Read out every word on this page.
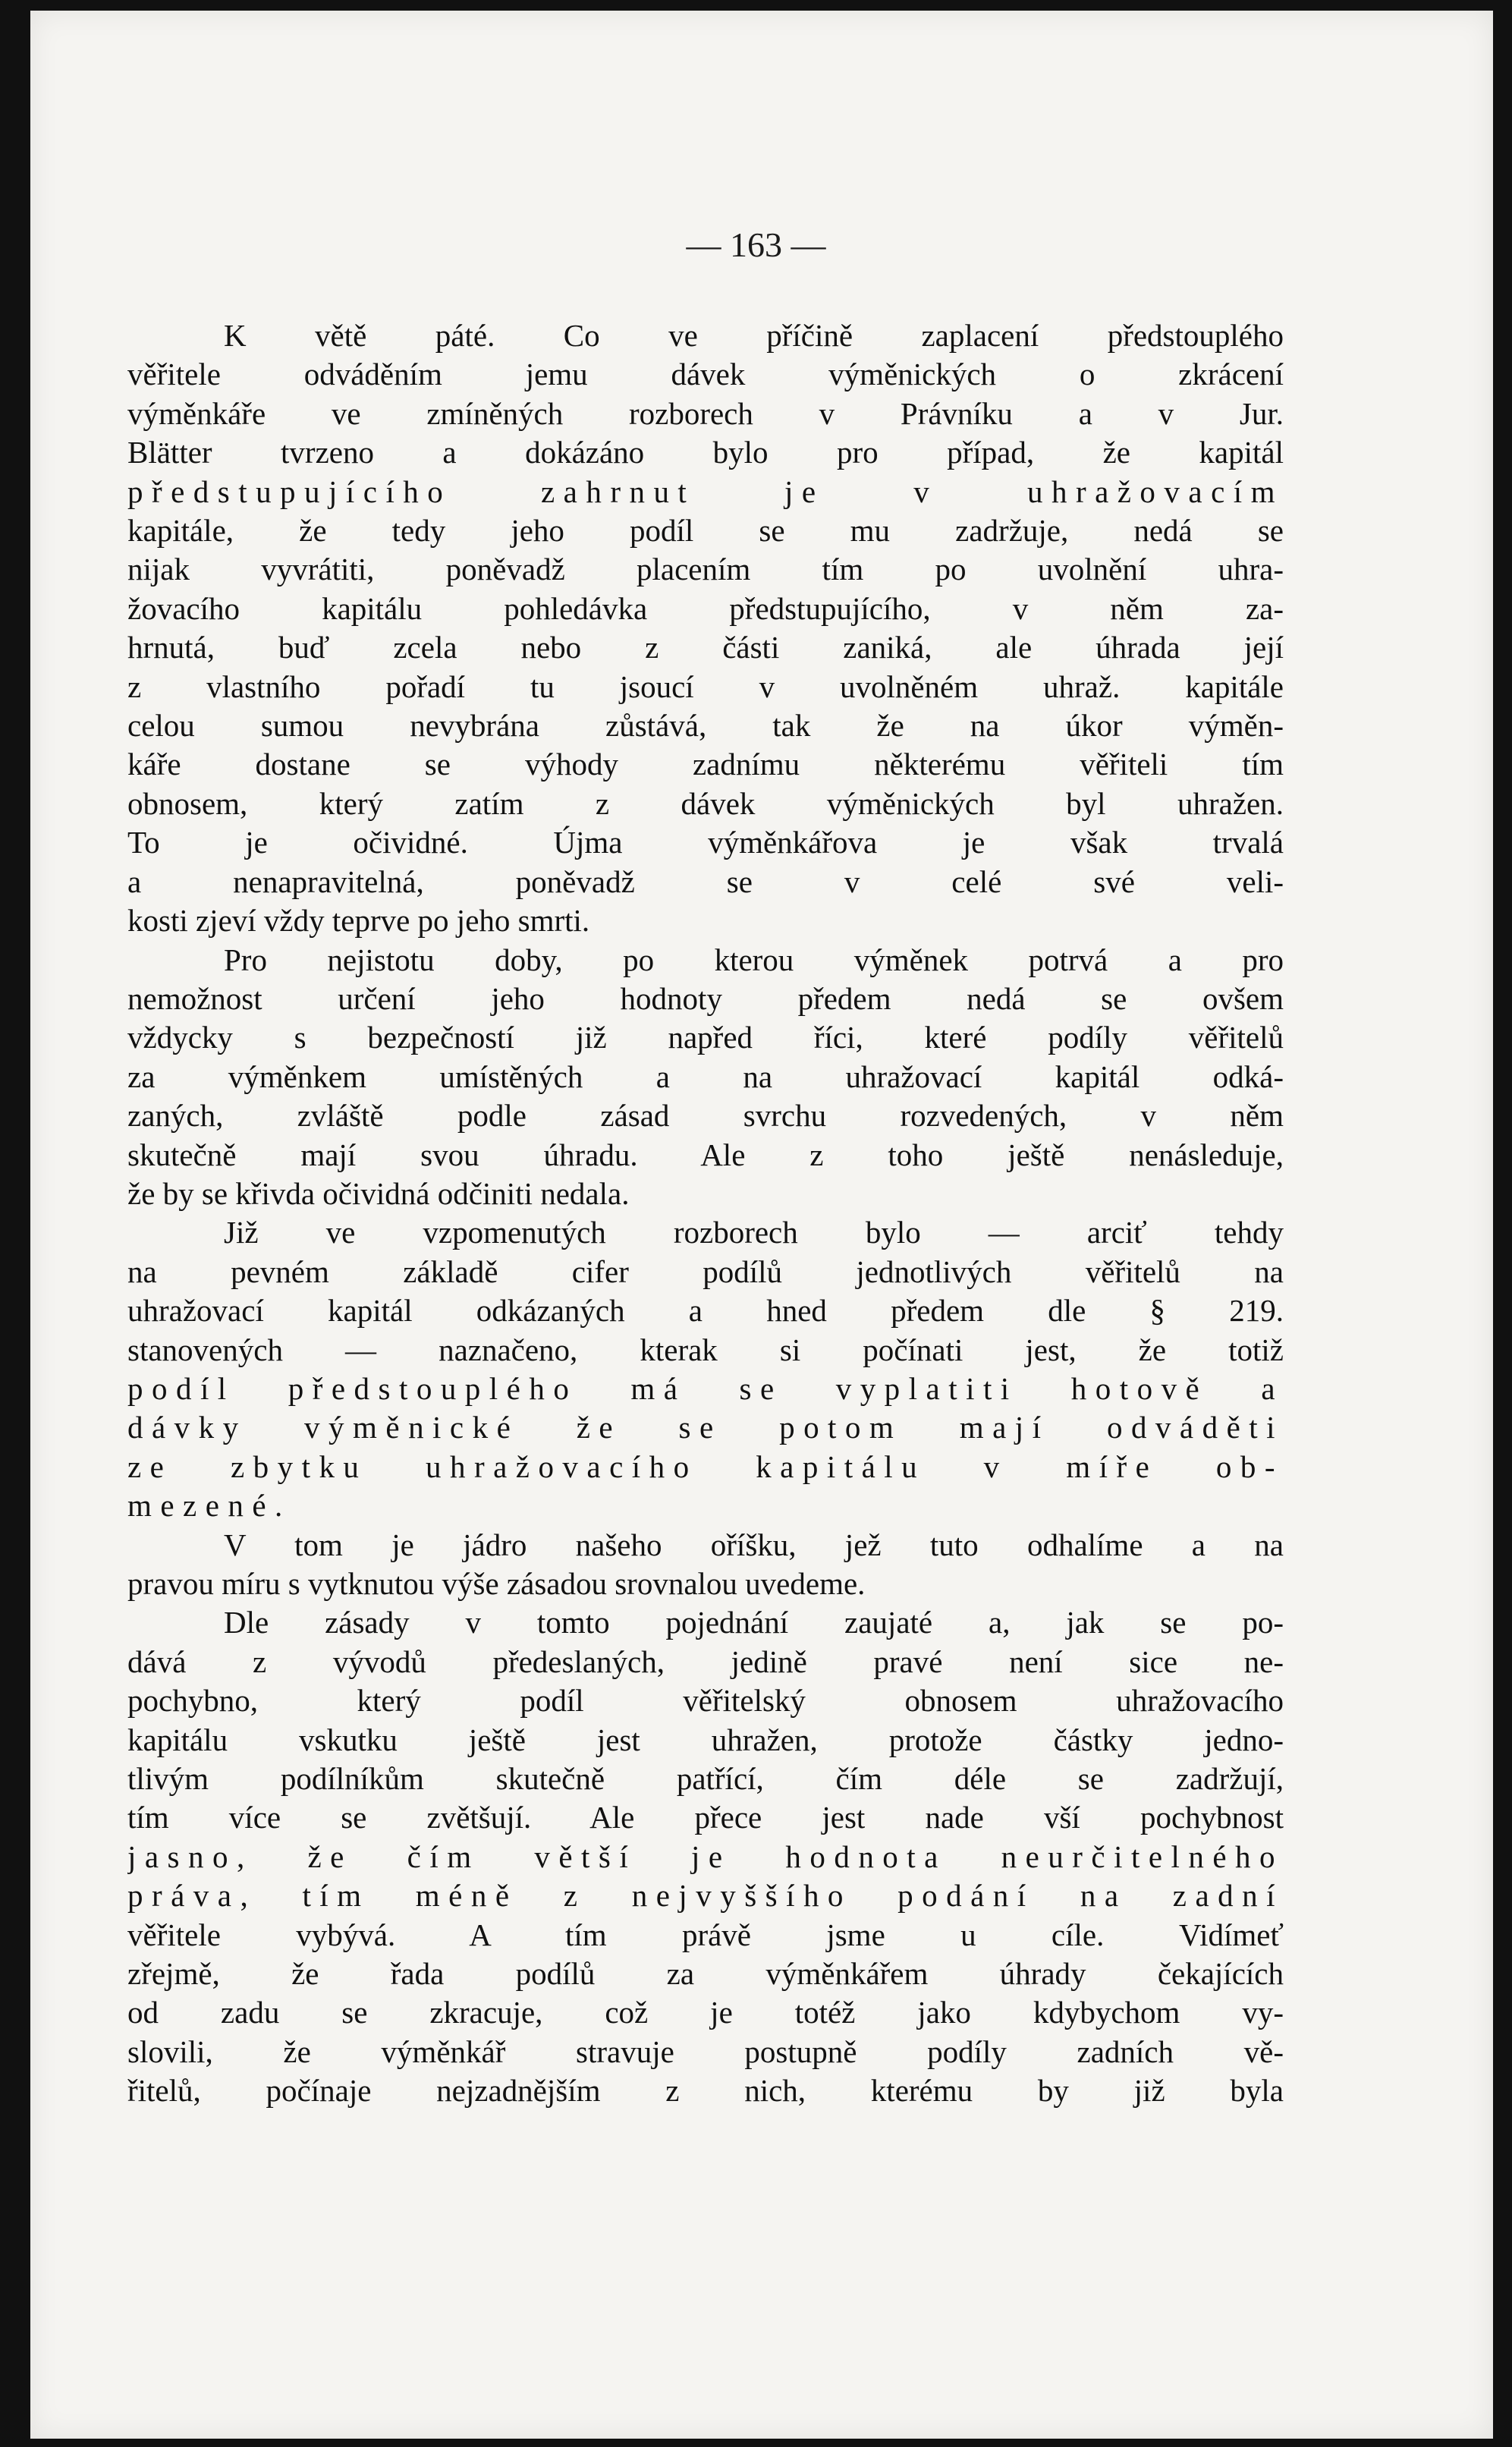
— 163 —
K větě páté. Co ve příčině zaplacení předstouplého
věřitele odváděním jemu dávek výměnických o zkrácení
výměnkáře ve zmíněných rozborech v Právníku a v Jur.
Blätter tvrzeno a dokázáno bylo pro případ, že kapitál
předstupujícího zahrnut je v uhražovacím
kapitále, že tedy jeho podíl se mu zadržuje, nedá se
nijak vyvrátiti, poněvadž placením tím po uvolnění uhra-
žovacího kapitálu pohledávka předstupujícího, v něm za-
hrnutá, buď zcela nebo z části zaniká, ale úhrada její
z vlastního pořadí tu jsoucí v uvolněném uhraž. kapitále
celou sumou nevybrána zůstává, tak že na úkor výměn-
káře dostane se výhody zadnímu některému věřiteli tím
obnosem, který zatím z dávek výměnických byl uhražen.
To je očividné. Újma výměnkářova je však trvalá
a nenapravitelná, poněvadž se v celé své veli-
kosti zjeví vždy teprve po jeho smrti.
Pro nejistotu doby, po kterou výměnek potrvá a pro
nemožnost určení jeho hodnoty předem nedá se ovšem
vždycky s bezpečností již napřed říci, které podíly věřitelů
za výměnkem umístěných a na uhražovací kapitál odká-
zaných, zvláště podle zásad svrchu rozvedených, v něm
skutečně mají svou úhradu. Ale z toho ještě nenásleduje,
že by se křivda očividná odčiniti nedala.
Již ve vzpomenutých rozborech bylo — arciť tehdy
na pevném základě cifer podílů jednotlivých věřitelů na
uhražovací kapitál odkázaných a hned předem dle § 219.
stanovených — naznačeno, kterak si počínati jest, že totiž
podíl předstouplého má se vyplatiti hotově a
dávky výměnické že se potom mají odváděti
ze zbytku uhražovacího kapitálu v míře ob-
mezené.
V tom je jádro našeho oříšku, jež tuto odhalíme a na
pravou míru s vytknutou výše zásadou srovnalou uvedeme.
Dle zásady v tomto pojednání zaujaté a, jak se po-
dává z vývodů předeslaných, jedině pravé není sice ne-
pochybno, který podíl věřitelský obnosem uhražovacího
kapitálu vskutku ještě jest uhražen, protože částky jedno-
tlivým podílníkům skutečně patřící, čím déle se zadržují,
tím více se zvětšují. Ale přece jest nade vší pochybnost
jasno, že čím větší je hodnota neurčitelného
práva, tím méně z nejvyššího podání na zadní
věřitele vybývá. A tím právě jsme u cíle. Vidímeť
zřejmě, že řada podílů za výměnkářem úhrady čekajících
od zadu se zkracuje, což je totéž jako kdybychom vy-
slovili, že výměnkář stravuje postupně podíly zadních vě-
řitelů, počínaje nejzadnějším z nich, kterému by již byla
